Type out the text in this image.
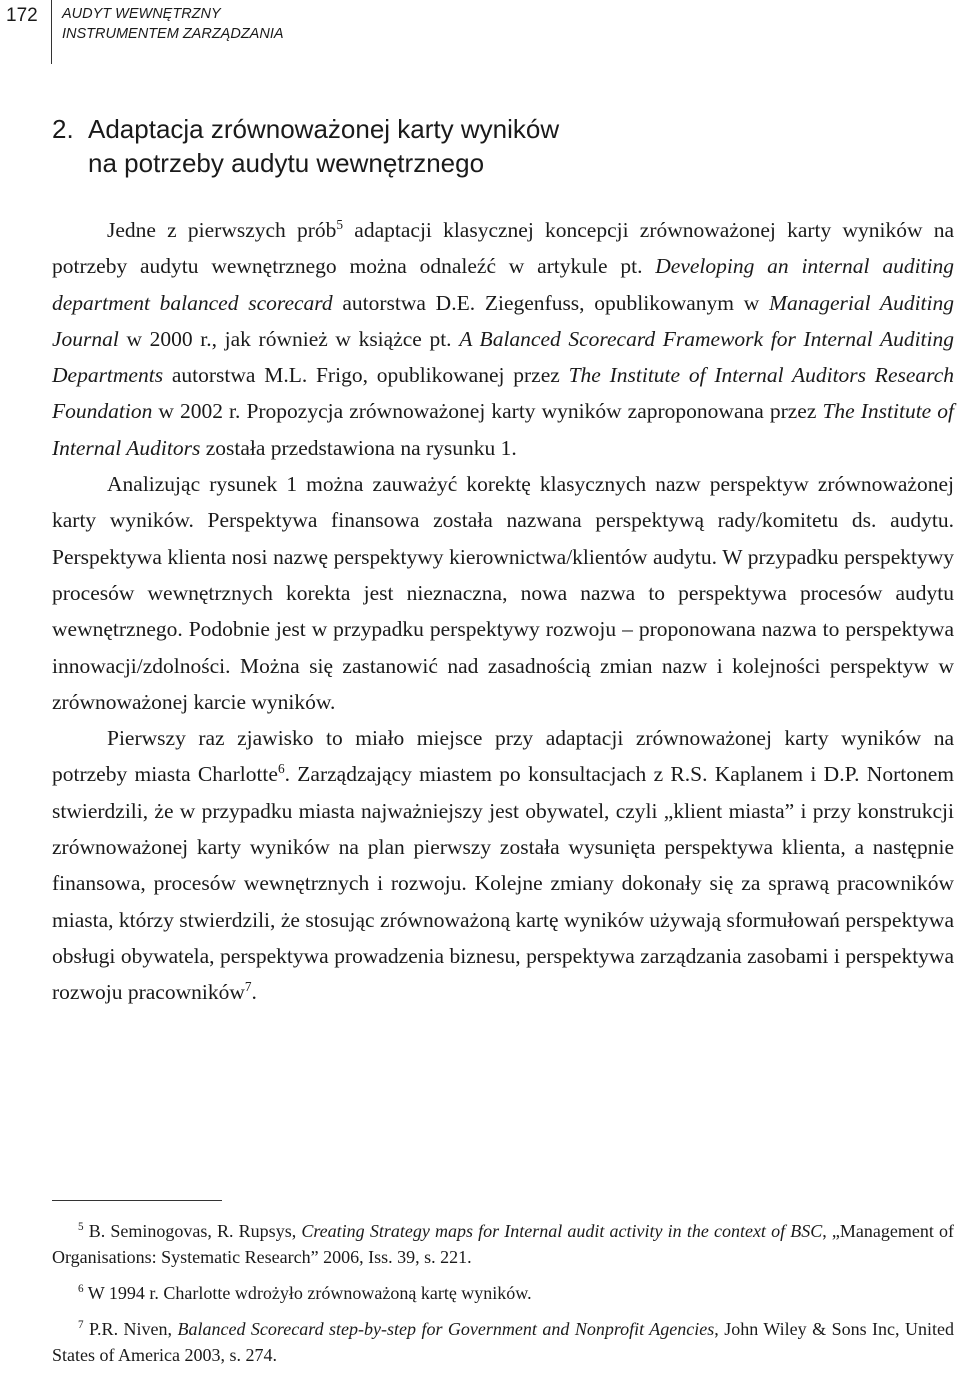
172 AUDYT WEWNĘTRZNY
INSTRUMENTEM ZARZĄDZANIA
2. Adaptacja zrównoważonej karty wyników
na potrzeby audytu wewnętrznego

Jedne z pierwszych prób$^5$ adaptacji klasycznej koncepcji zrównoważonej karty wyników na potrzeby audytu wewnętrznego można odnaleźć w artykule pt. Developing an internal auditing department balanced scorecard autorstwa D.E. Ziegenfuss, opublikowanym w Managerial Auditing Journal w 2000 r., jak również w książce pt. A Balanced Scorecard Framework for Internal Auditing Departments autorstwa M.L. Frigo, opublikowanej przez The Institute of Internal Auditors Research Foundation w 2002 r. Propozycja zrównoważonej karty wyników zaproponowana przez The Institute of Internal Auditors została przedstawiona na rysunku 1.

Analizując rysunek 1 można zauważyć korektę klasycznych nazw perspektyw zrównoważonej karty wyników. Perspektywa finansowa została nazwana perspektywą rady/komitetu ds. audytu. Perspektywa klienta nosi nazwę perspektywy kierownictwa/klientów audytu. W przypadku perspektywy procesów wewnętrznych korekta jest nieznaczna, nowa nazwa to perspektywa procesów audytu wewnętrznego. Podobnie jest w przypadku perspektywy rozwoju – proponowana nazwa to perspektywa innowacji/zdolności. Można się zastanowić nad zasadnością zmian nazw i kolejności perspektyw w zrównoważonej karcie wyników.

Pierwszy raz zjawisko to miało miejsce przy adaptacji zrównoważonej karty wyników na potrzeby miasta Charlotte$^6$. Zarządzający miastem po konsultacjach z R.S. Kaplanem i D.P. Nortonem stwierdzili, że w przypadku miasta najważniejszy jest obywatel, czyli „klient miasta” i przy konstrukcji zrównoważonej karty wyników na plan pierwszy została wysunięta perspektywa klienta, a następnie finansowa, procesów wewnętrznych i rozwoju. Kolejne zmiany dokonały się za sprawą pracowników miasta, którzy stwierdzili, że stosując zrównoważoną kartę wyników używają sformułowań perspektywa obsługi obywatela, perspektywa prowadzenia biznesu, perspektywa zarządzania zasobami i perspektywa rozwoju pracowników$^7$.

$^5$ B. Seminogovas, R. Rupsys, Creating Strategy maps for Internal audit activity in the context of BSC, „Management of Organisations: Systematic Research” 2006, Iss. 39, s. 221.

$^6$ W 1994 r. Charlotte wdrożyło zrównoważoną kartę wyników.

$^7$ P.R. Niven, Balanced Scorecard step-by-step for Government and Nonprofit Agencies, John Wiley & Sons Inc, United States of America 2003, s. 274.
